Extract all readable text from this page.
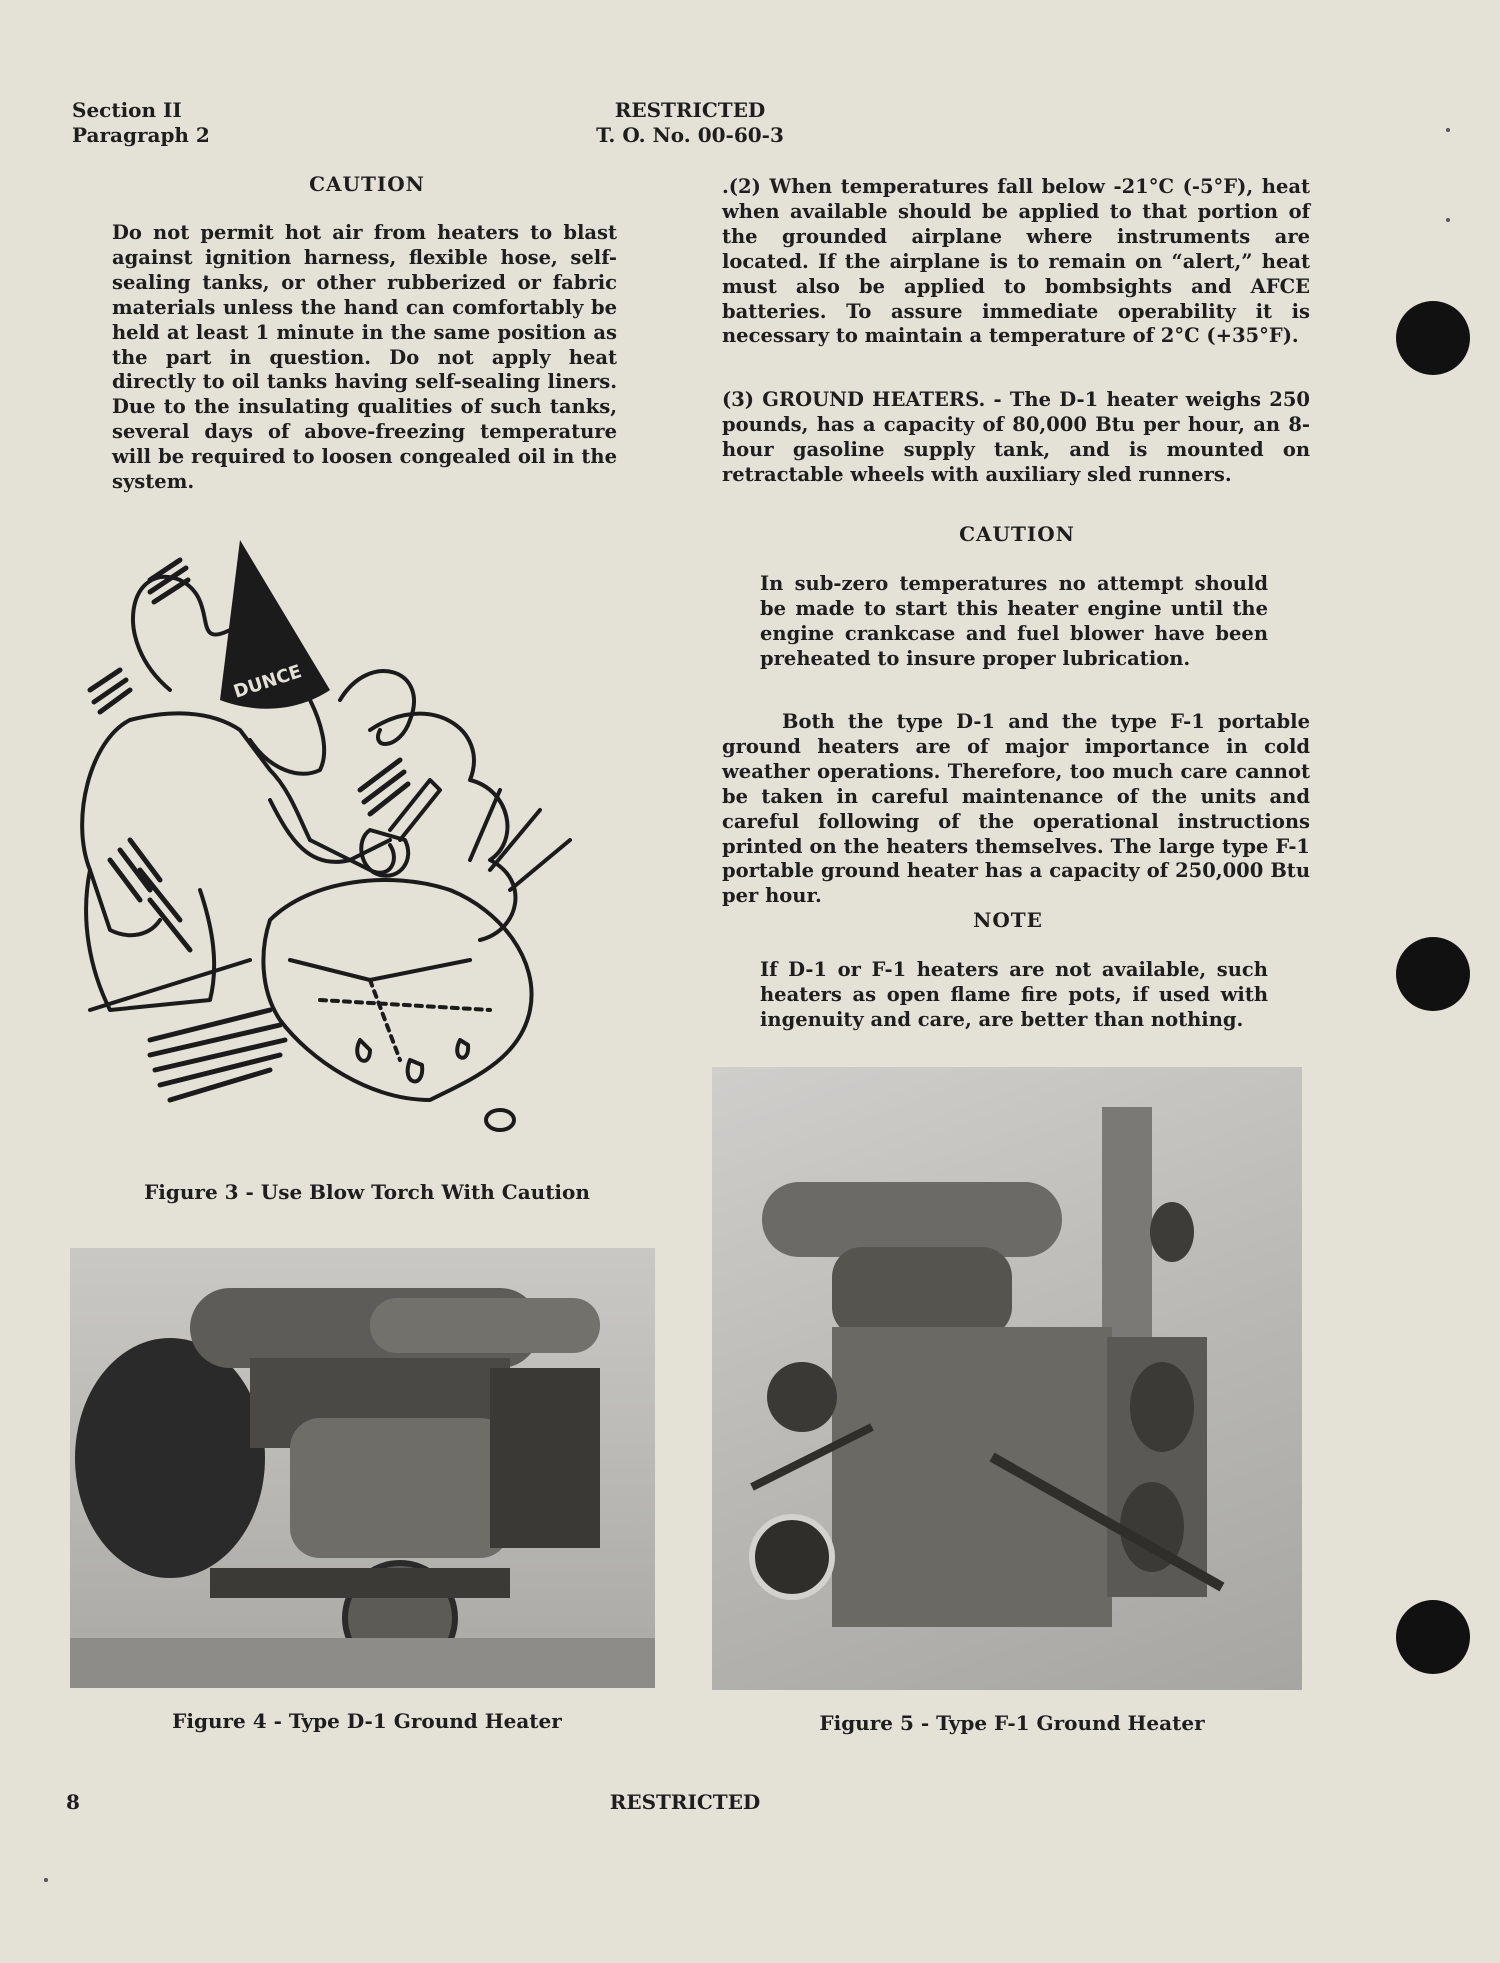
Section II
Paragraph 2
RESTRICTED
T. O. No. 00-60-3
CAUTION
Do not permit hot air from heaters to blast against ignition harness, flexible hose, self-sealing tanks, or other rubberized or fabric materials unless the hand can comfortably be held at least 1 minute in the same position as the part in question. Do not apply heat directly to oil tanks having self-sealing liners. Due to the insulating qualities of such tanks, several days of above-freezing temperature will be required to loosen congealed oil in the system.
DUNCE
Figure 3 - Use Blow Torch With Caution
Figure 4 - Type D-1 Ground Heater
.(2) When temperatures fall below -21°C (-5°F), heat when available should be applied to that portion of the grounded airplane where instruments are located. If the airplane is to remain on “alert,” heat must also be applied to bombsights and AFCE batteries. To assure immediate operability it is necessary to maintain a temperature of 2°C (+35°F).
(3) GROUND HEATERS. - The D-1 heater weighs 250 pounds, has a capacity of 80,000 Btu per hour, an 8-hour gasoline supply tank, and is mounted on retractable wheels with auxiliary sled runners.
CAUTION
In sub-zero temperatures no attempt should be made to start this heater engine until the engine crankcase and fuel blower have been preheated to insure proper lubrication.
Both the type D-1 and the type F-1 portable ground heaters are of major importance in cold weather operations. Therefore, too much care cannot be taken in careful maintenance of the units and careful following of the operational instructions printed on the heaters themselves. The large type F-1 portable ground heater has a capacity of 250,000 Btu per hour.
NOTE
If D-1 or F-1 heaters are not available, such heaters as open flame fire pots, if used with ingenuity and care, are better than nothing.
Figure 5 - Type F-1 Ground Heater
8	RESTRICTED
